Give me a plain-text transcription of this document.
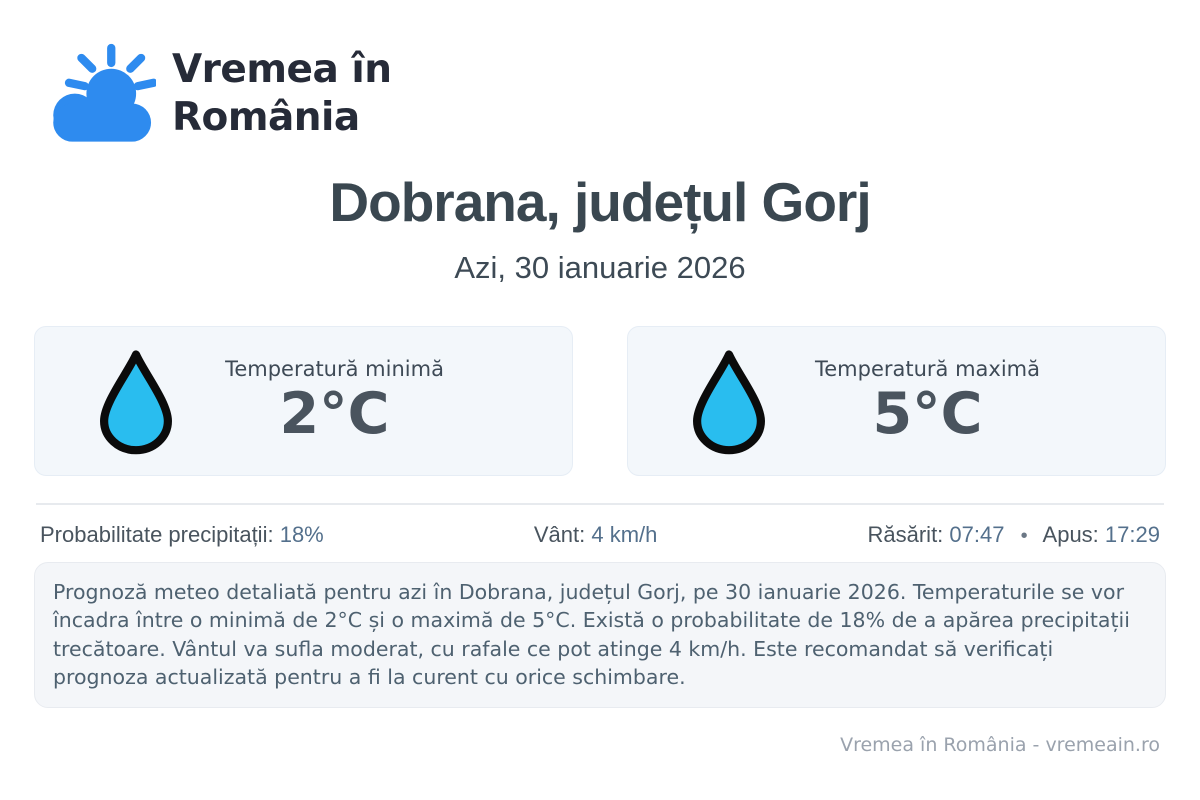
Vremea în
România
Dobrana, județul Gorj
Azi, 30 ianuarie 2026
Temperatură minimă
2°C
Temperatură maximă
5°C
Probabilitate precipitații: 18%	Vânt: 4 km/h	Răsărit: 07:47 • Apus: 17:29
Prognoză meteo detaliată pentru azi în Dobrana, județul Gorj, pe 30 ianuarie 2026. Temperaturile se vor încadra între o minimă de 2°C și o maximă de 5°C. Există o probabilitate de 18% de a apărea precipitații trecătoare. Vântul va sufla moderat, cu rafale ce pot atinge 4 km/h. Este recomandat să verificați prognoza actualizată pentru a fi la curent cu orice schimbare.
Vremea în România - vremeain.ro
